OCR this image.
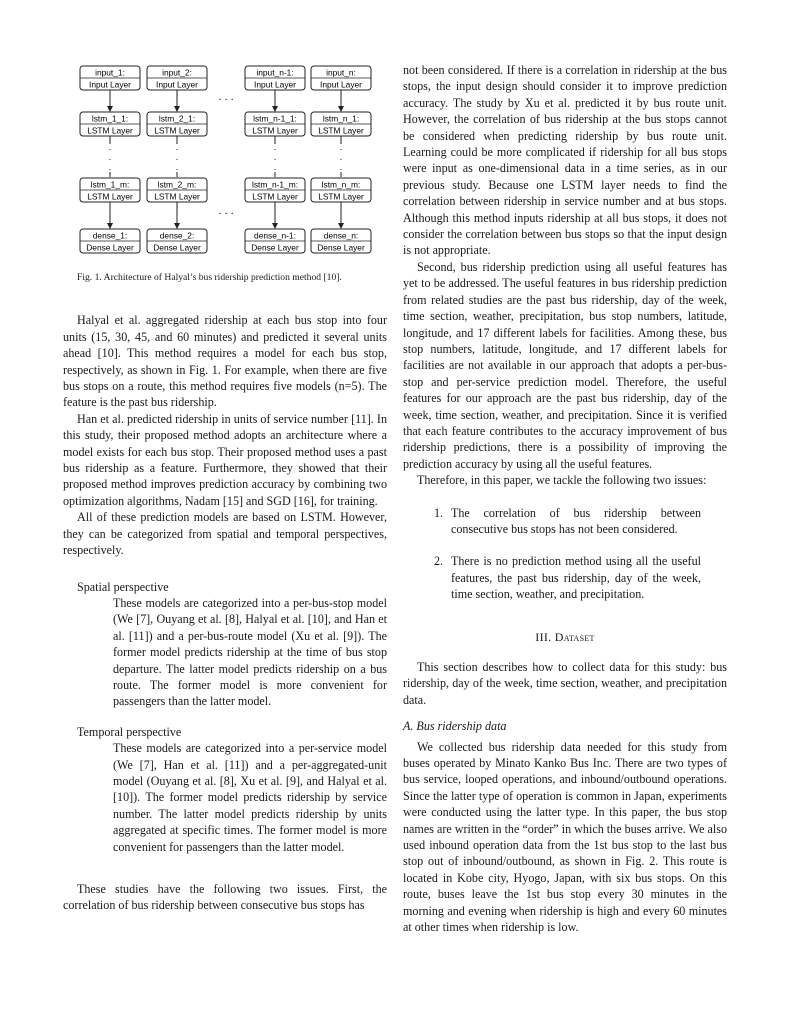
input_1:
Input Layer
input_2:
Input Layer
input_n-1:
Input Layer
input_n:
Input Layer
lstm_1_1:
LSTM Layer
lstm_2_1:
LSTM Layer
lstm_n-1_1:
LSTM Layer
lstm_n_1:
LSTM Layer
lstm_1_m:
LSTM Layer
lstm_2_m:
LSTM Layer
lstm_n-1_m:
LSTM Layer
lstm_n_m:
LSTM Layer
dense_1:
Dense Layer
dense_2:
Dense Layer
dense_n-1:
Dense Layer
dense_n:
Dense Layer
.
.
.
.
.
.
.
.
.
.
.
.
. . .
. . .

Fig. 1. Architecture of Halyal’s bus ridership prediction method [10].

Halyal et al. aggregated ridership at each bus stop into four units (15, 30, 45, and 60 minutes) and predicted it several units ahead [10]. This method requires a model for each bus stop, respectively, as shown in Fig. 1. For example, when there are five bus stops on a route, this method requires five models (n=5). The feature is the past bus ridership.

Han et al. predicted ridership in units of service number [11]. In this study, their proposed method adopts an architecture where a model exists for each bus stop. Their proposed method uses a past bus ridership as a feature. Furthermore, they showed that their proposed method improves prediction accuracy by combining two optimization algorithms, Nadam [15] and SGD [16], for training.

All of these prediction models are based on LSTM. However, they can be categorized from spatial and temporal perspectives, respectively.

Spatial perspective

These models are categorized into a per-bus-stop model (We [7], Ouyang et al. [8], Halyal et al. [10], and Han et al. [11]) and a per-bus-route model (Xu et al. [9]). The former model predicts ridership at the time of bus stop departure. The latter model predicts ridership on a bus route. The former model is more convenient for passengers than the latter model.

Temporal perspective

These models are categorized into a per-service model (We [7], Han et al. [11]) and a per-aggregated-unit model (Ouyang et al. [8], Xu et al. [9], and Halyal et al. [10]). The former model predicts ridership by service number. The latter model predicts ridership by units aggregated at specific times. The former model is more convenient for passengers than the latter model.

These studies have the following two issues. First, the correlation of bus ridership between consecutive bus stops has

not been considered. If there is a correlation in ridership at the bus stops, the input design should consider it to improve prediction accuracy. The study by Xu et al. predicted it by bus route unit. However, the correlation of bus ridership at the bus stops cannot be considered when predicting ridership by bus route unit. Learning could be more complicated if ridership for all bus stops were input as one-dimensional data in a time series, as in our previous study. Because one LSTM layer needs to find the correlation between ridership in service number and at bus stops. Although this method inputs ridership at all bus stops, it does not consider the correlation between bus stops so that the input design is not appropriate.

Second, bus ridership prediction using all useful features has yet to be addressed. The useful features in bus ridership prediction from related studies are the past bus ridership, day of the week, time section, weather, precipitation, bus stop numbers, latitude, longitude, and 17 different labels for facilities. Among these, bus stop numbers, latitude, longitude, and 17 different labels for facilities are not available in our approach that adopts a per-bus-stop and per-service prediction model. Therefore, the useful features for our approach are the past bus ridership, day of the week, time section, weather, and precipitation. Since it is verified that each feature contributes to the accuracy improvement of bus ridership predictions, there is a possibility of improving the prediction accuracy by using all the useful features.

Therefore, in this paper, we tackle the following two issues:

1. The correlation of bus ridership between consecutive bus stops has not been considered.
2. There is no prediction method using all the useful features, the past bus ridership, day of the week, time section, weather, and precipitation.
III. Dataset

This section describes how to collect data for this study: bus ridership, day of the week, time section, weather, and precipitation data.

A. Bus ridership data

We collected bus ridership data needed for this study from buses operated by Minato Kanko Bus Inc. There are two types of bus service, looped operations, and inbound/outbound operations. Since the latter type of operation is common in Japan, experiments were conducted using the latter type. In this paper, the bus stop names are written in the “order” in which the buses arrive. We also used inbound operation data from the 1st bus stop to the last bus stop out of inbound/outbound, as shown in Fig. 2. This route is located in Kobe city, Hyogo, Japan, with six bus stops. On this route, buses leave the 1st bus stop every 30 minutes in the morning and evening when ridership is high and every 60 minutes at other times when ridership is low.
